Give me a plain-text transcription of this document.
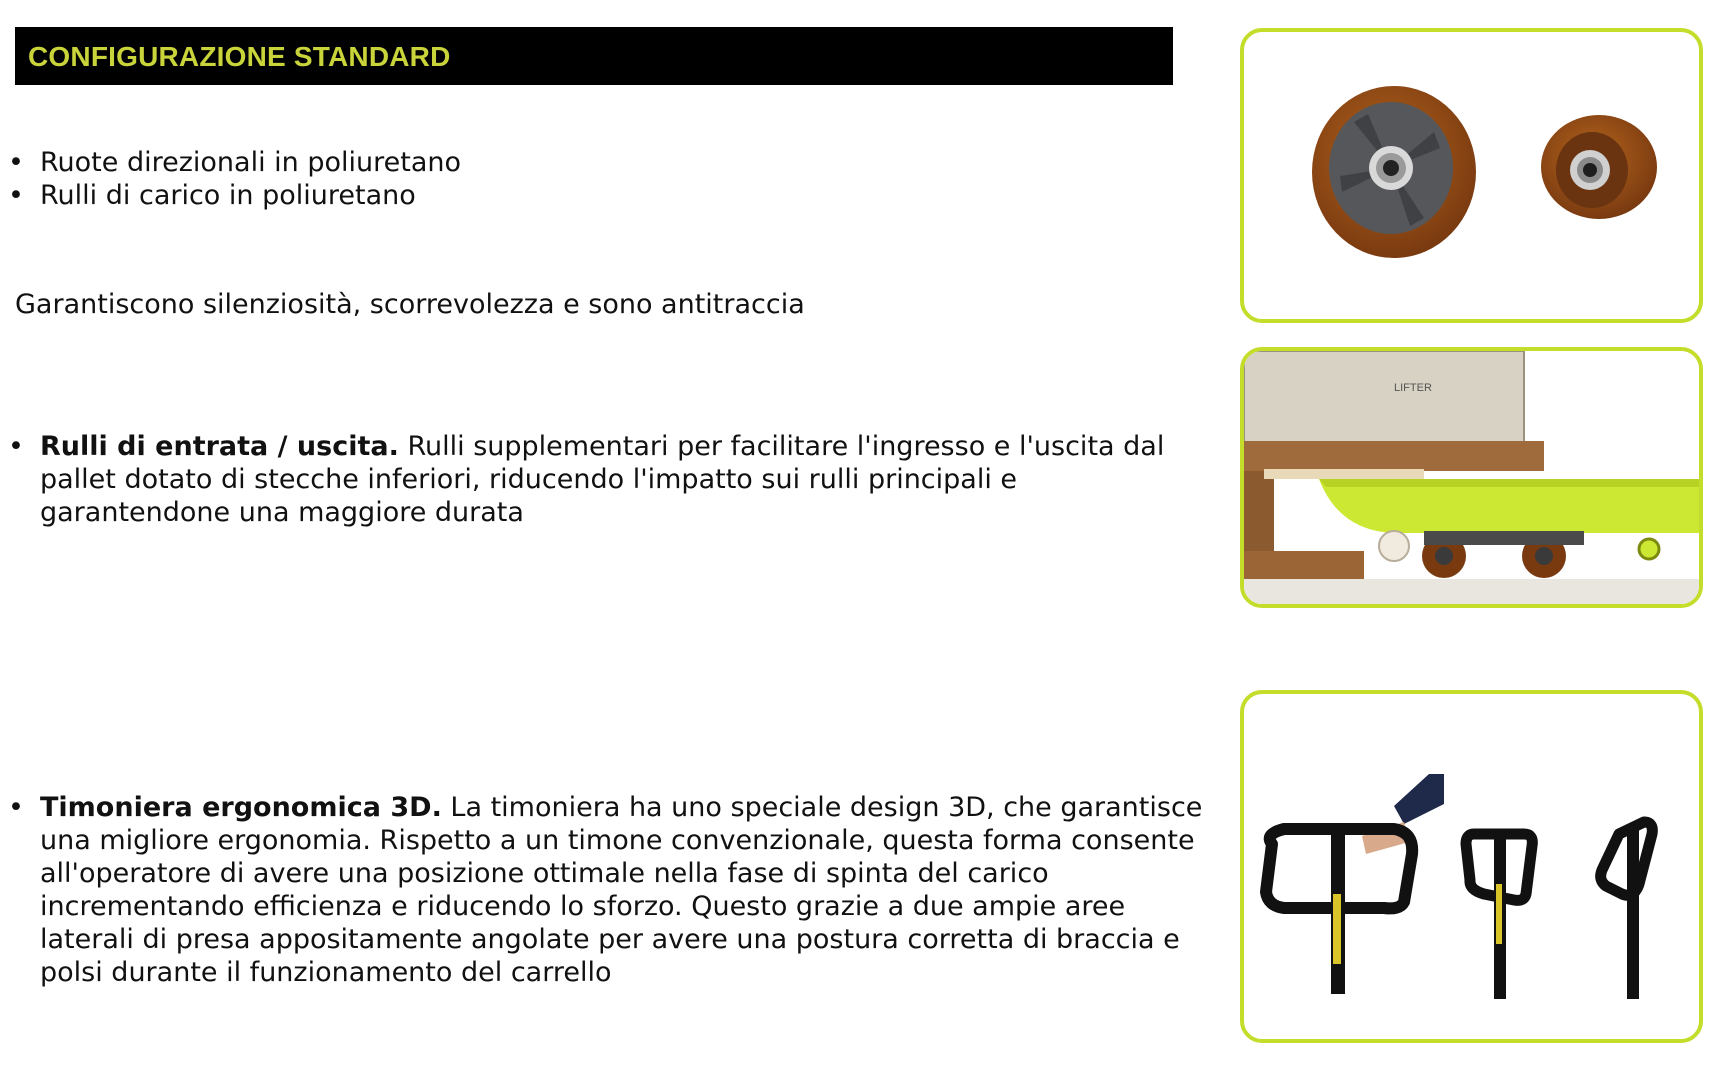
CONFIGURAZIONE STANDARD
• Ruote direzionali in poliuretano
• Rulli di carico in poliuretano

Garantiscono silenziosità, scorrevolezza e sono antitraccia

• Rulli di entrata / uscita. Rulli supplementari per facilitare l'ingresso e l'uscita dal pallet dotato di stecche inferiori, riducendo l'impatto sui rulli principali e garantendone una maggiore durata

• Timoniera ergonomica 3D. La timoniera ha uno speciale design 3D, che garantisce una migliore ergonomia. Rispetto a un timone convenzionale, questa forma consente all'operatore di avere una posizione ottimale nella fase di spinta del carico incrementando efficienza e riducendo lo sforzo. Questo grazie a due ampie aree laterali di presa appositamente angolate per avere una postura corretta di braccia e polsi durante il funzionamento del carrello

LIFTER
